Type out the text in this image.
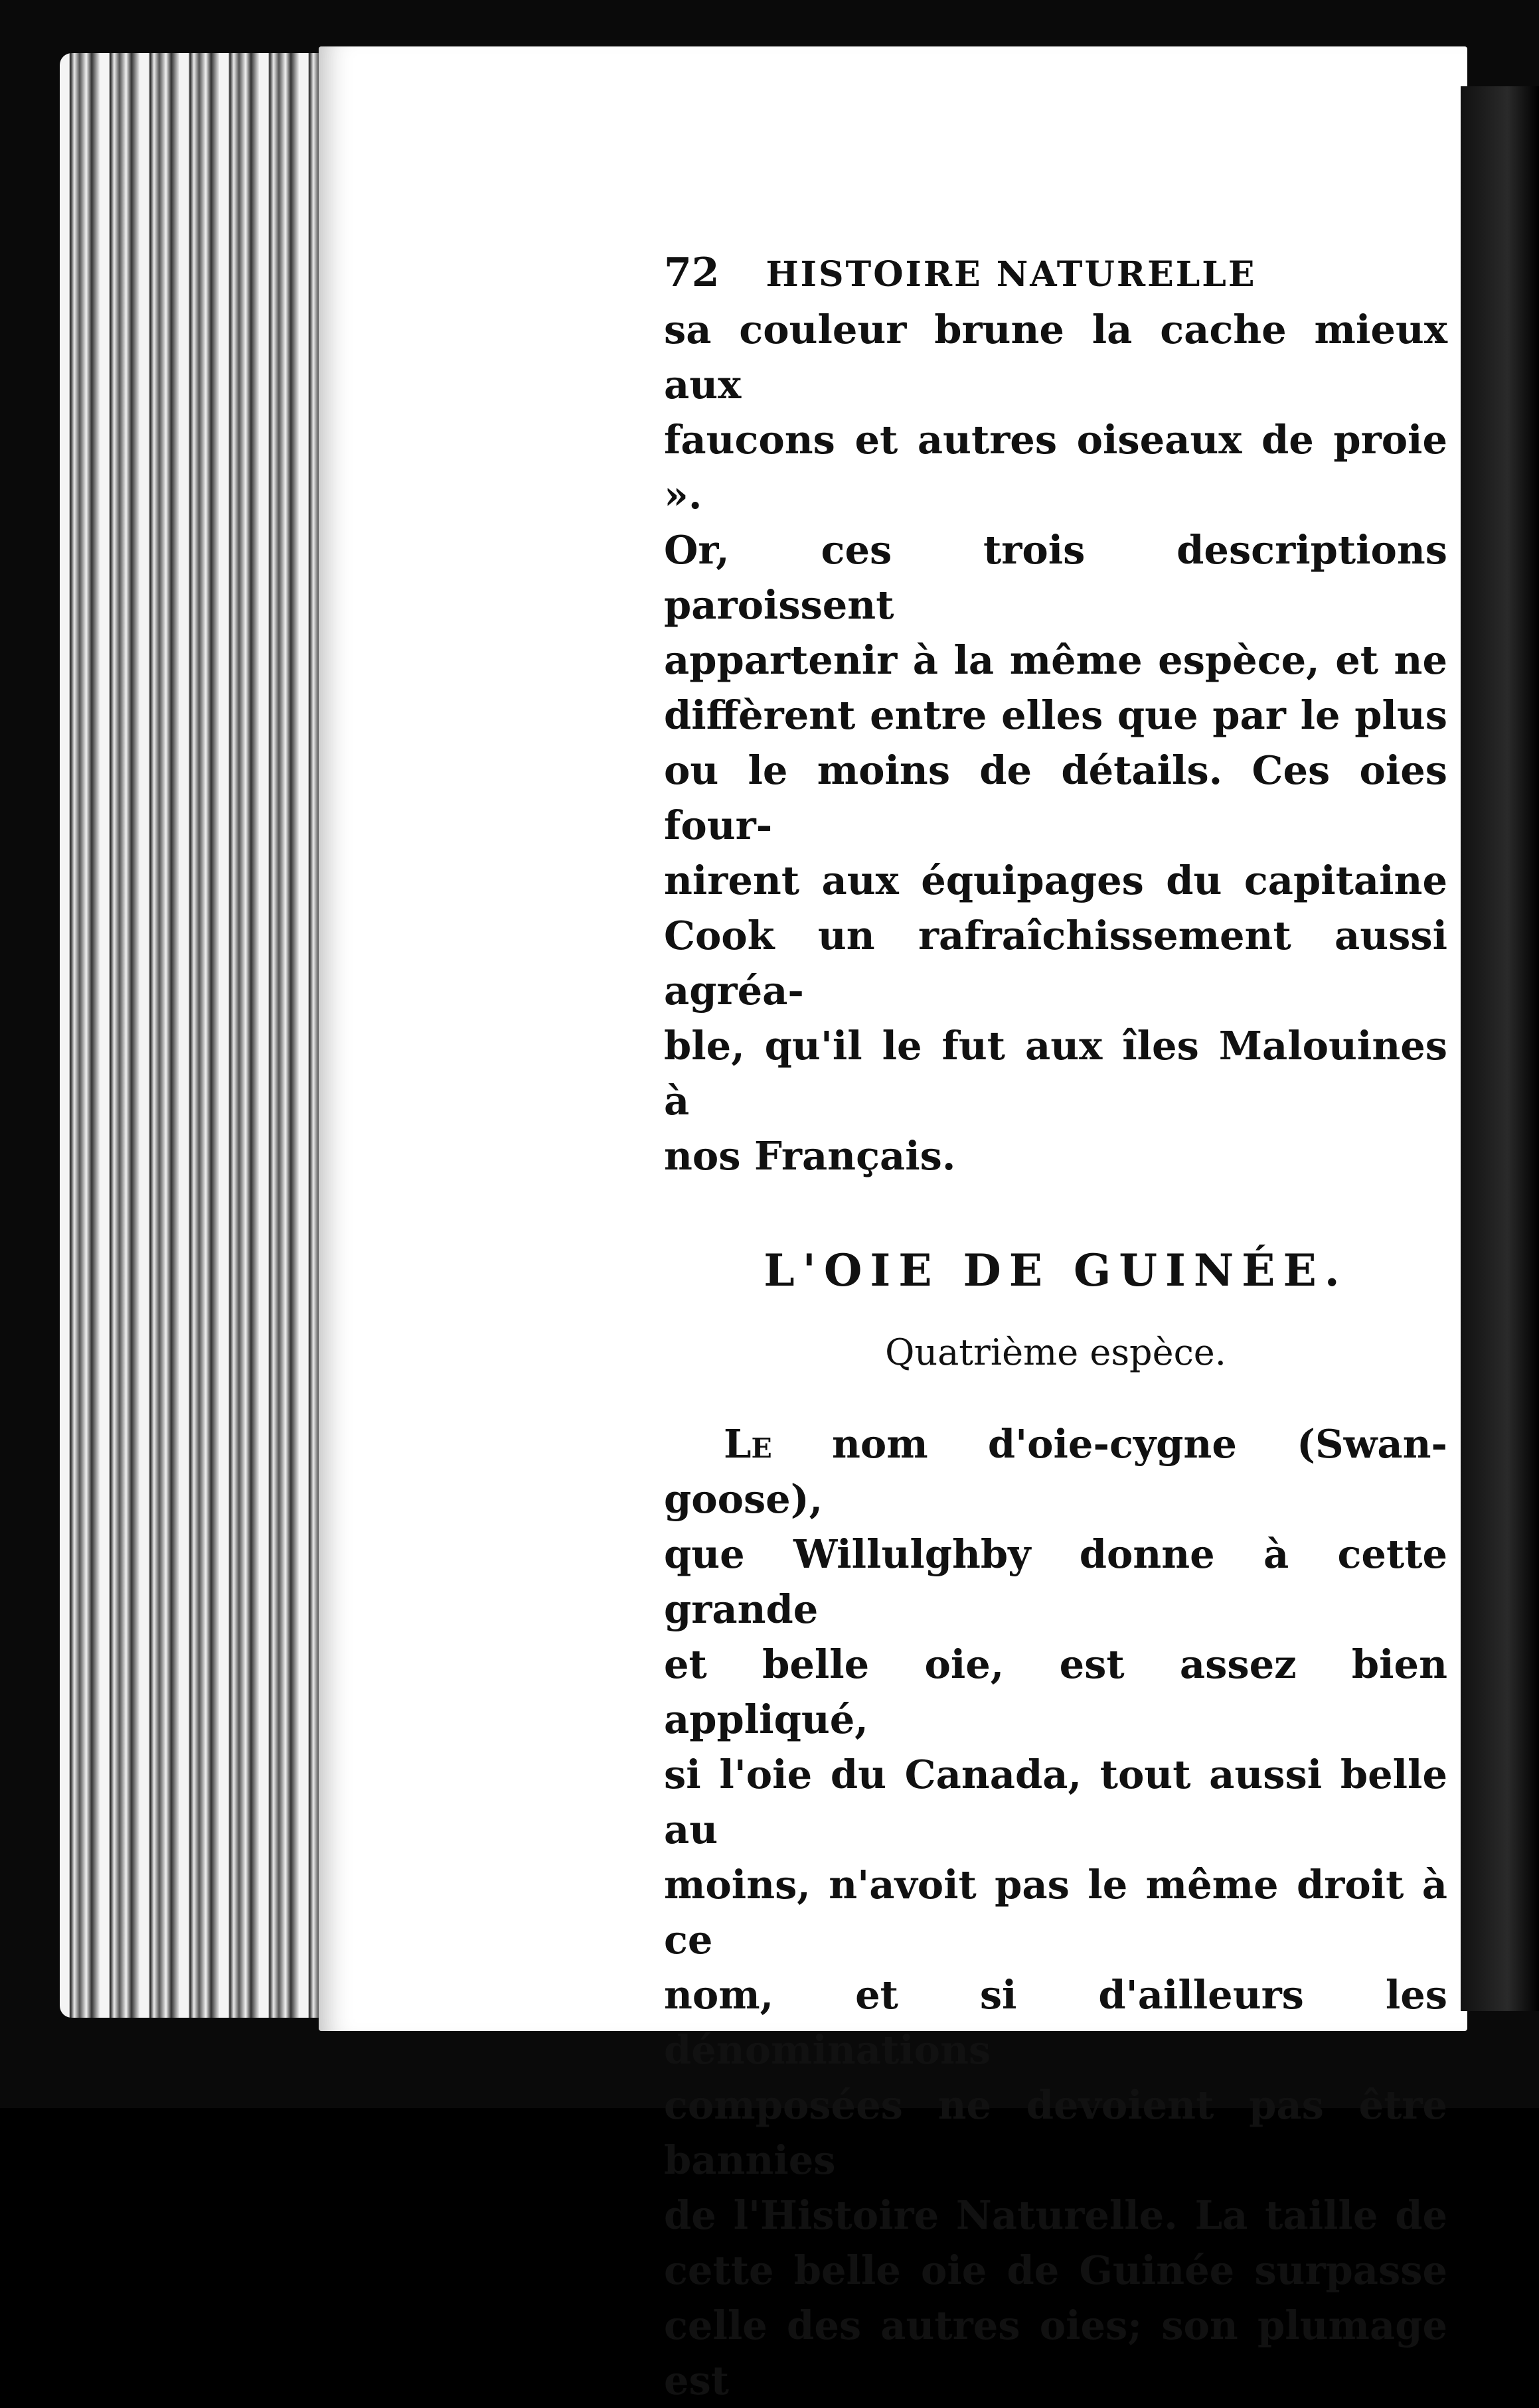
72 HISTOIRE NATURELLE

sa couleur brune la cache mieux aux

faucons et autres oiseaux de proie ».

Or, ces trois descriptions paroissent

appartenir à la même espèce, et ne

diffèrent entre elles que par le plus

ou le moins de détails. Ces oies four-

nirent aux équipages du capitaine

Cook un rafraîchissement aussi agréa-

ble, qu'il le fut aux îles Malouines à

nos Français.

L'OIE DE GUINÉE.
Quatrième espèce.

Le nom d'oie-cygne (Swan-goose),

que Willulghby donne à cette grande

et belle oie, est assez bien appliqué,

si l'oie du Canada, tout aussi belle au

moins, n'avoit pas le même droit à ce

nom, et si d'ailleurs les dénominations

composées ne devoient pas être bannies

de l'Histoire Naturelle. La taille de

cette belle oie de Guinée surpasse

celle des autres oies; son plumage est
